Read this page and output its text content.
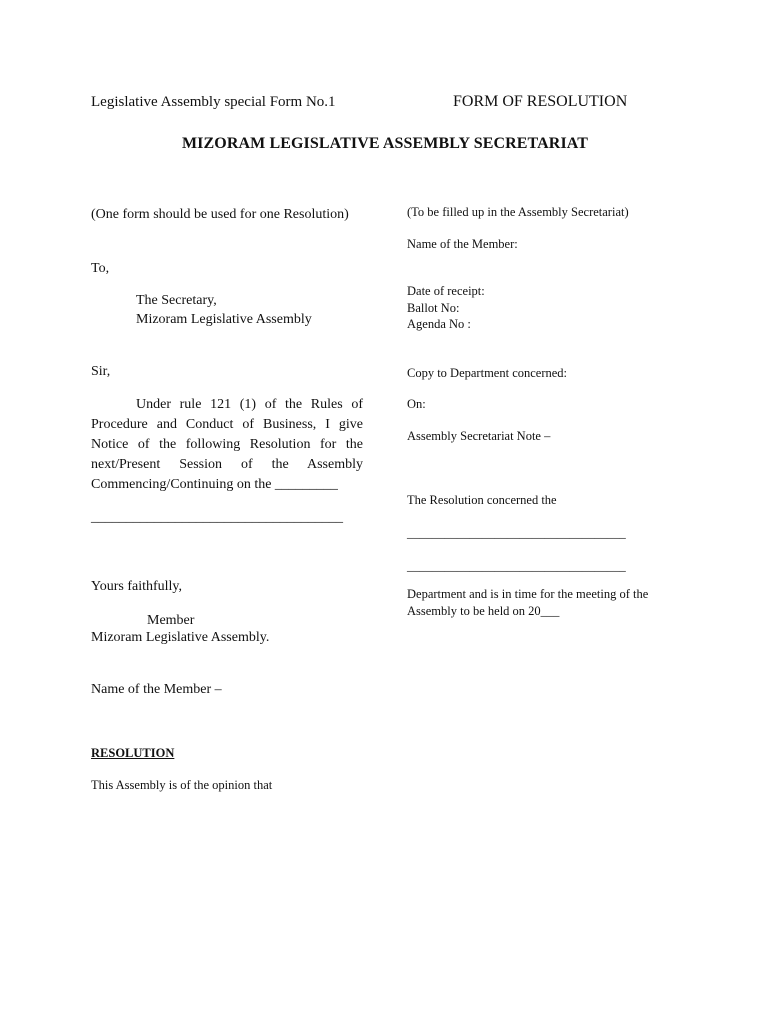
Legislative Assembly special Form No.1	FORM OF RESOLUTION
MIZORAM LEGISLATIVE ASSEMBLY SECRETARIAT
(One form should be used for one Resolution)
To,
The Secretary,
Mizoram Legislative Assembly
Sir,
Under rule 121 (1) of the Rules of Procedure and Conduct of Business, I give Notice of the following Resolution for the next/Present Session of the Assembly Commencing/Continuing on the _________
____________________________________
Yours faithfully,
Member
Mizoram Legislative Assembly.
Name of the Member –
RESOLUTION
This Assembly is of the opinion that
(To be filled up in the Assembly Secretariat)
Name of the Member:
Date of receipt:
Ballot No:
Agenda No :
Copy to Department concerned:
On:
Assembly Secretariat Note –
The Resolution concerned the
___________________________________
___________________________________
Department and is in time for the meeting of the Assembly to be held on 20___
